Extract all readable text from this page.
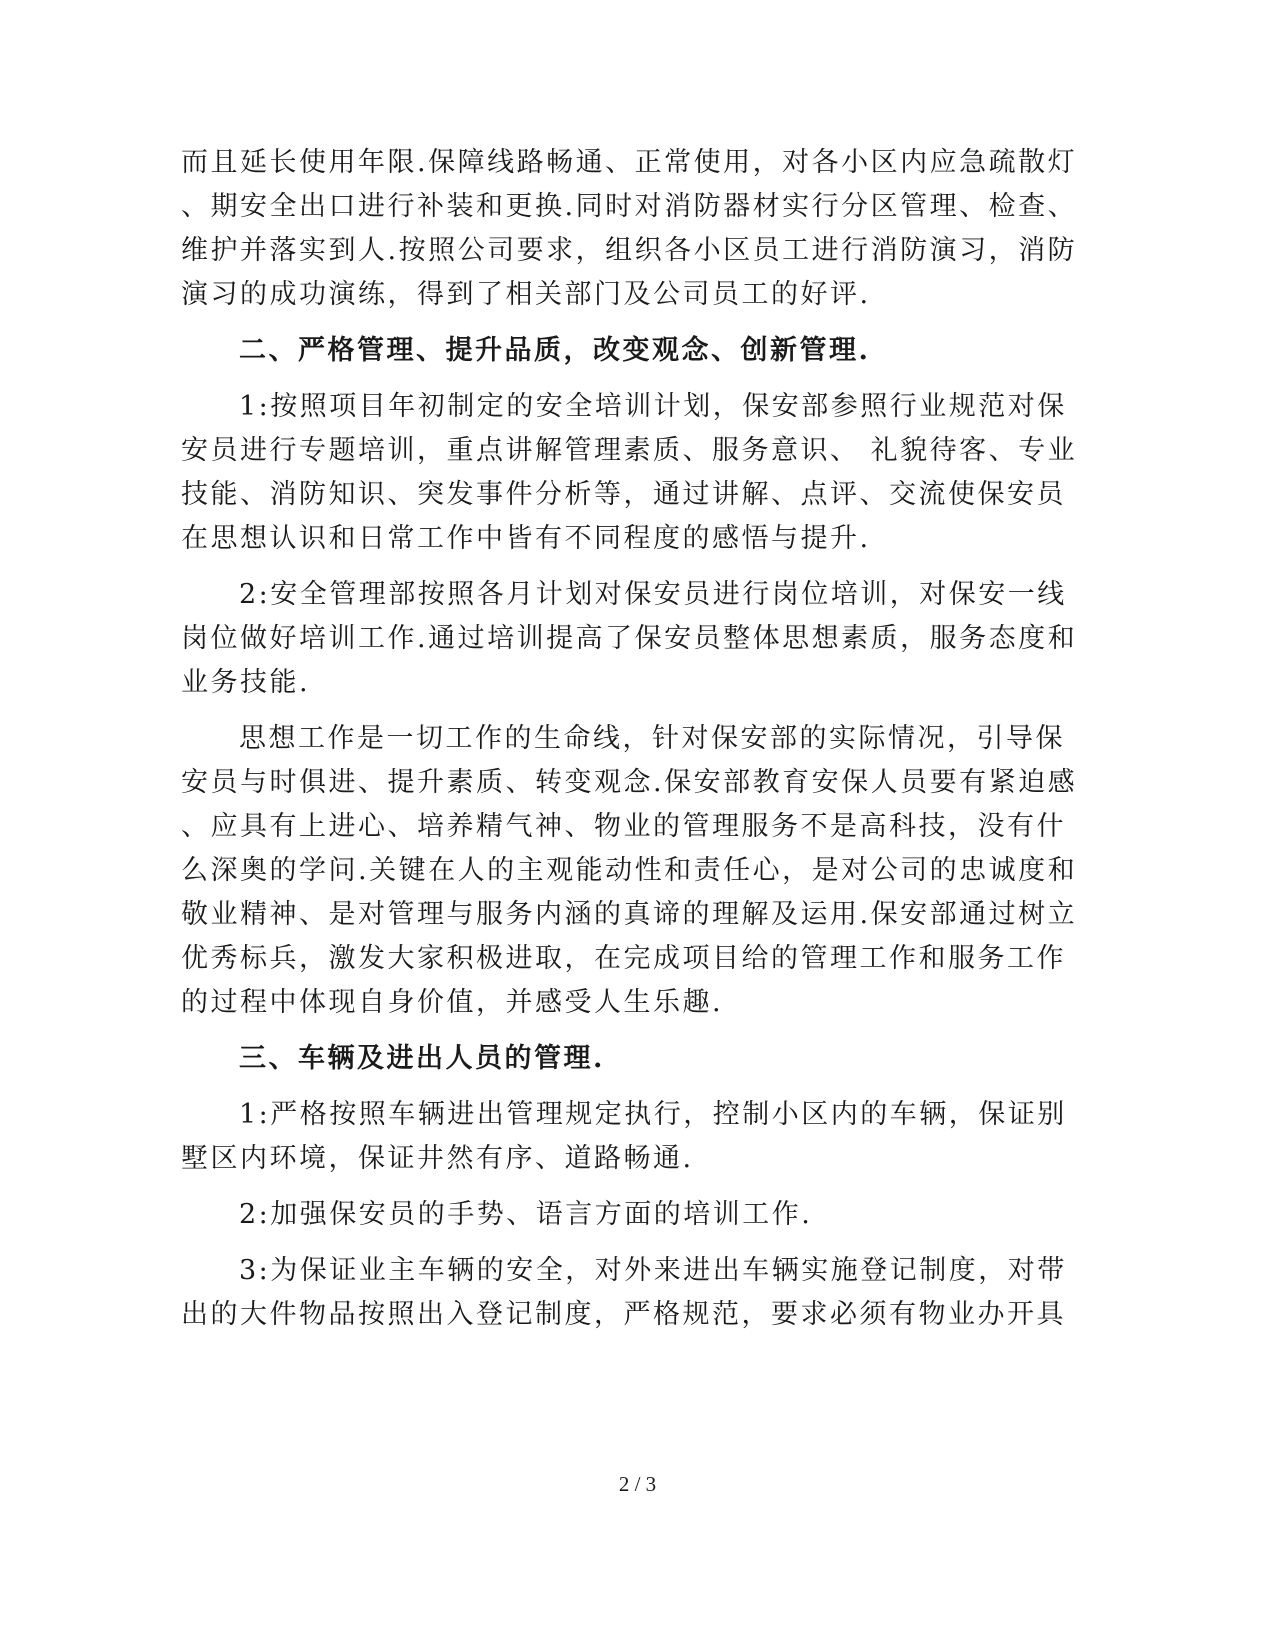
而且延长使用年限.保障线路畅通、正常使用，对各小区内应急疏散灯
、期安全出口进行补装和更换.同时对消防器材实行分区管理、检查、
维护并落实到人.按照公司要求，组织各小区员工进行消防演习，消防
演习的成功演练，得到了相关部门及公司员工的好评.
二、严格管理、提升品质，改变观念、创新管理.
1:按照项目年初制定的安全培训计划，保安部参照行业规范对保
安员进行专题培训，重点讲解管理素质、服务意识、 礼貌待客、专业
技能、消防知识、突发事件分析等，通过讲解、点评、交流使保安员
在思想认识和日常工作中皆有不同程度的感悟与提升.
2:安全管理部按照各月计划对保安员进行岗位培训，对保安一线
岗位做好培训工作.通过培训提高了保安员整体思想素质，服务态度和
业务技能.
思想工作是一切工作的生命线，针对保安部的实际情况，引导保
安员与时俱进、提升素质、转变观念.保安部教育安保人员要有紧迫感
、应具有上进心、培养精气神、物业的管理服务不是高科技，没有什
么深奥的学问.关键在人的主观能动性和责任心，是对公司的忠诚度和
敬业精神、是对管理与服务内涵的真谛的理解及运用.保安部通过树立
优秀标兵，激发大家积极进取，在完成项目给的管理工作和服务工作
的过程中体现自身价值，并感受人生乐趣.
三、车辆及进出人员的管理.
1:严格按照车辆进出管理规定执行，控制小区内的车辆，保证别
墅区内环境，保证井然有序、道路畅通.
2:加强保安员的手势、语言方面的培训工作.
3:为保证业主车辆的安全，对外来进出车辆实施登记制度，对带
出的大件物品按照出入登记制度，严格规范，要求必须有物业办开具
2 / 3
